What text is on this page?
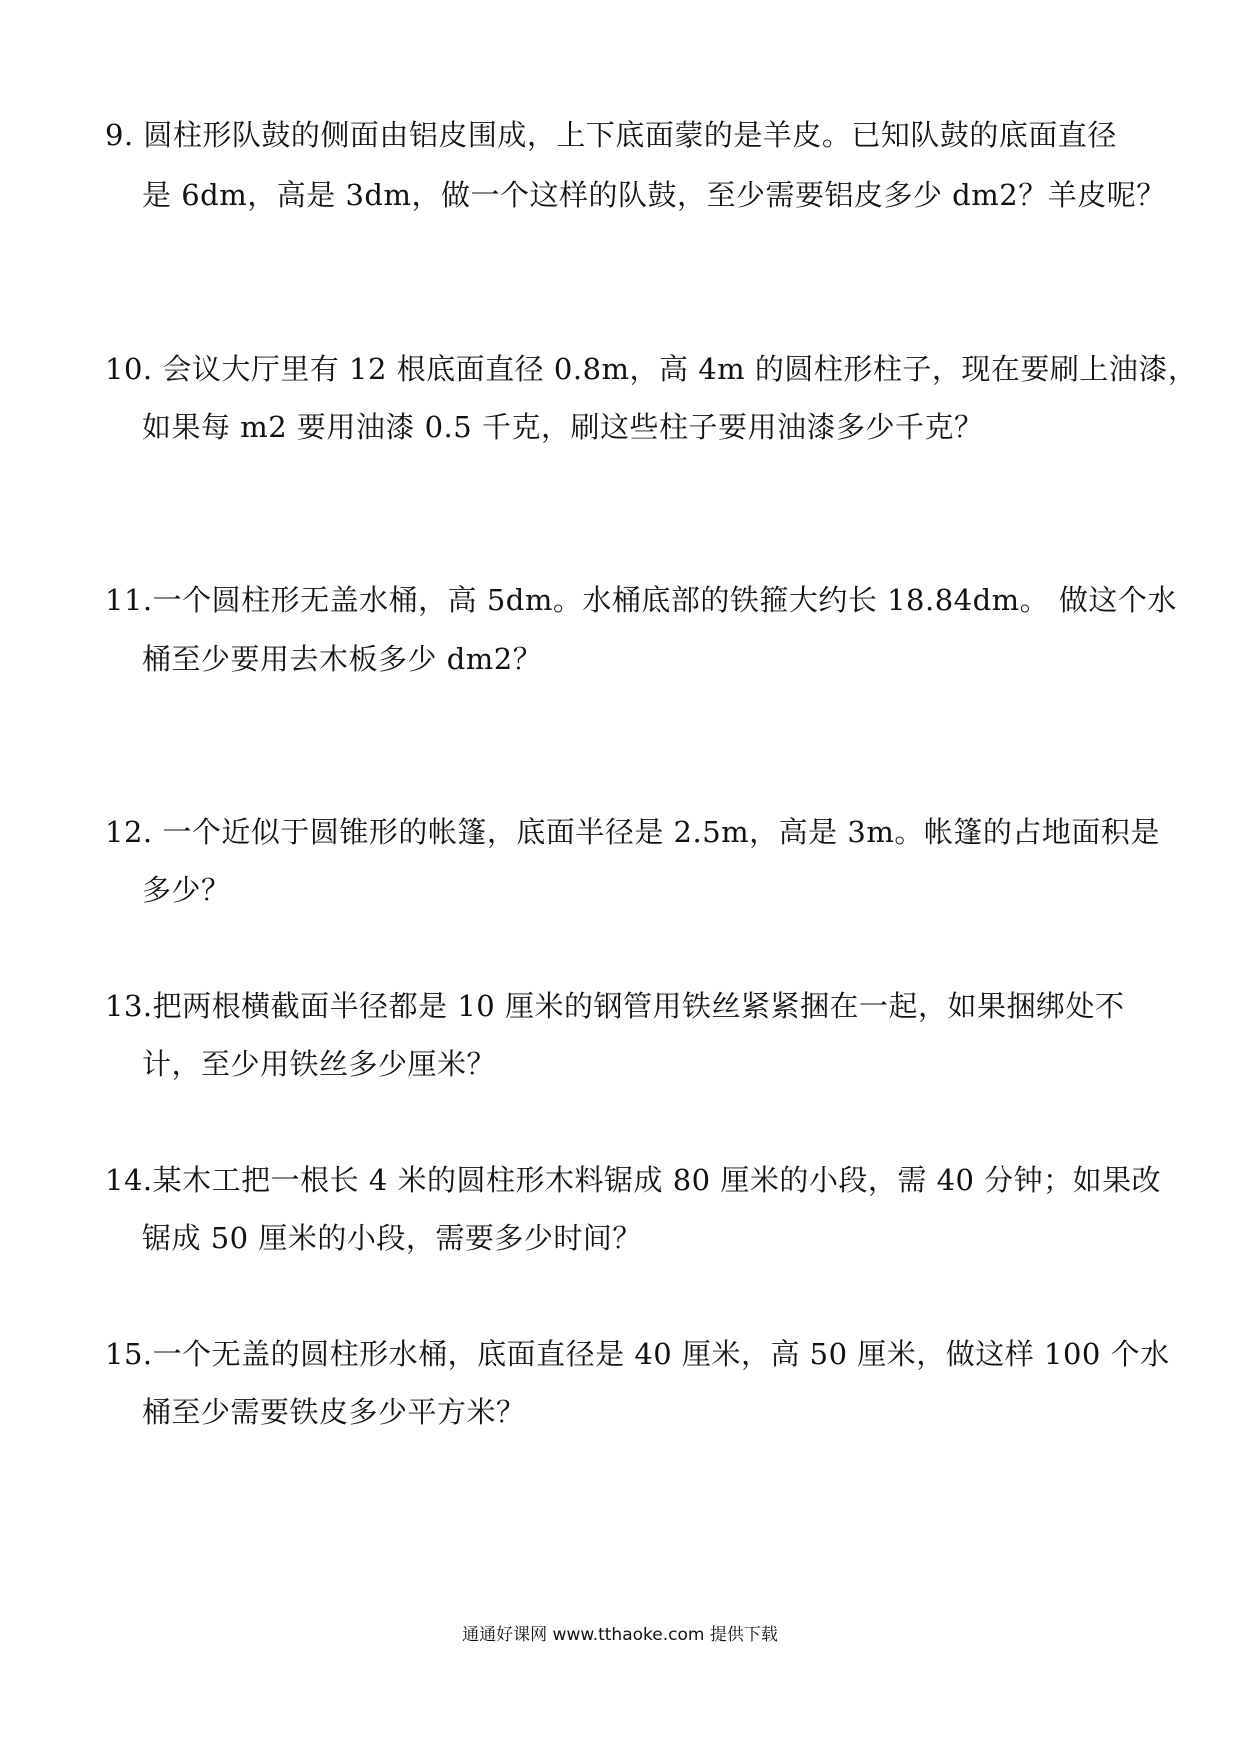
9. 圆柱形队鼓的侧面由铝皮围成，上下底面蒙的是羊皮。已知队鼓的底面直径
是 6dm，高是 3dm，做一个这样的队鼓，至少需要铝皮多少 dm2？羊皮呢？
10. 会议大厅里有 12 根底面直径 0.8m，高 4m 的圆柱形柱子，现在要刷上油漆，
如果每 m2 要用油漆 0.5 千克，刷这些柱子要用油漆多少千克？
11.一个圆柱形无盖水桶，高 5dm。水桶底部的铁箍大约长 18.84dm。 做这个水
桶至少要用去木板多少 dm2？
12. 一个近似于圆锥形的帐篷，底面半径是 2.5m，高是 3m。帐篷的占地面积是
多少？
13.把两根横截面半径都是 10 厘米的钢管用铁丝紧紧捆在一起，如果捆绑处不
计，至少用铁丝多少厘米？
14.某木工把一根长 4 米的圆柱形木料锯成 80 厘米的小段，需 40 分钟；如果改
锯成 50 厘米的小段，需要多少时间？
15.一个无盖的圆柱形水桶，底面直径是 40 厘米，高 50 厘米，做这样 100 个水
桶至少需要铁皮多少平方米？
通通好课网 www.tthaoke.com 提供下载
